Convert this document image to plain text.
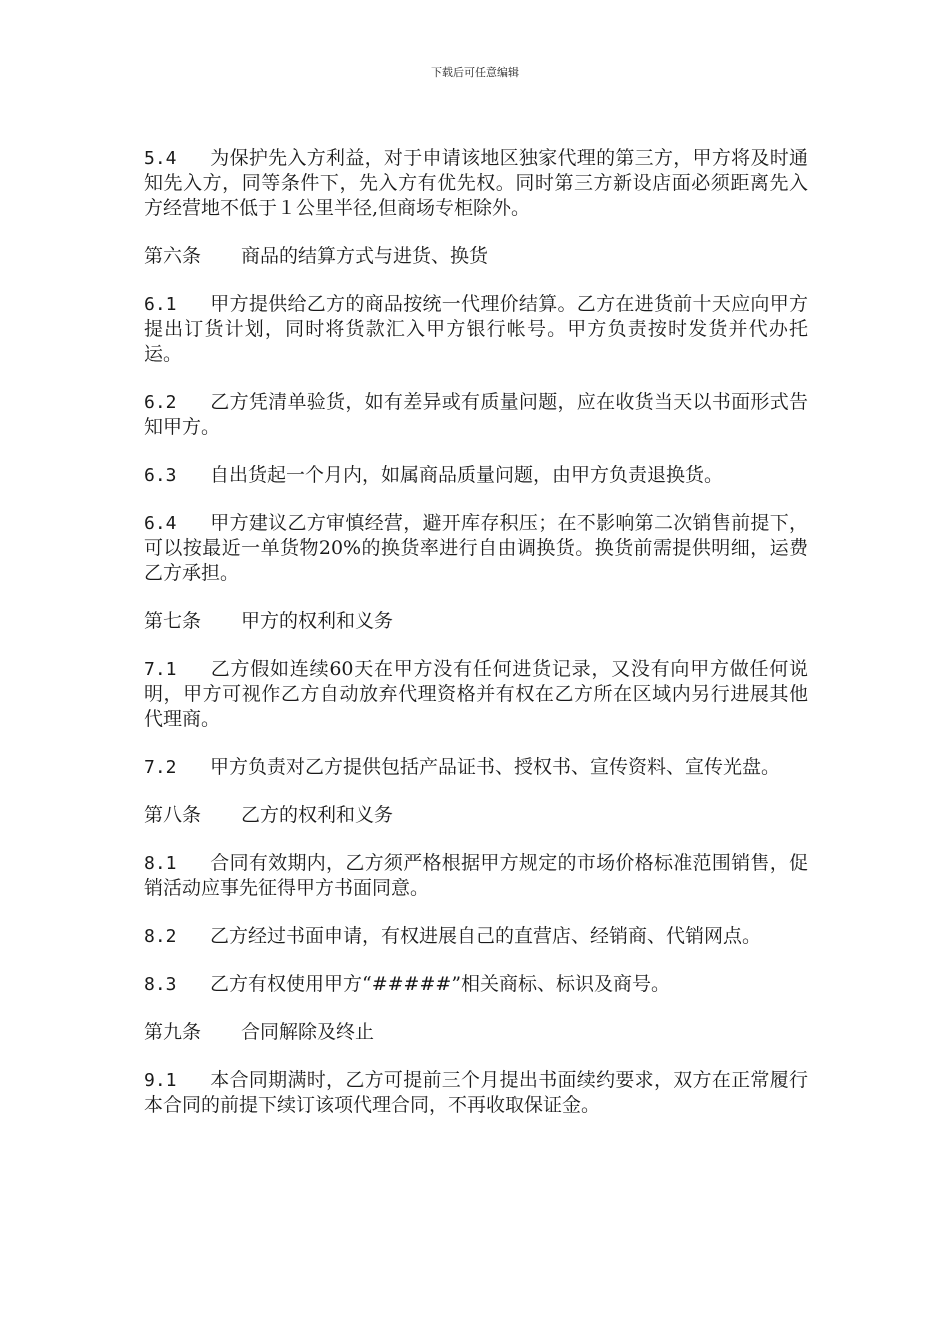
下载后可任意编辑
5.4 为保护先入方利益，对于申请该地区独家代理的第三方，甲方将及时通知先入方，同等条件下，先入方有优先权。同时第三方新设店面必须距离先入方经营地不低于１公里半径,但商场专柜除外。
第六条 商品的结算方式与进货、换货
6.1 甲方提供给乙方的商品按统一代理价结算。乙方在进货前十天应向甲方提出订货计划，同时将货款汇入甲方银行帐号。甲方负责按时发货并代办托运。
6.2 乙方凭清单验货，如有差异或有质量问题，应在收货当天以书面形式告知甲方。
6.3 自出货起一个月内，如属商品质量问题，由甲方负责退换货。
6.4 甲方建议乙方审慎经营，避开库存积压；在不影响第二次销售前提下，可以按最近一单货物20%的换货率进行自由调换货。换货前需提供明细，运费乙方承担。
第七条 甲方的权利和义务
7.1 乙方假如连续60天在甲方没有任何进货记录，又没有向甲方做任何说明，甲方可视作乙方自动放弃代理资格并有权在乙方所在区域内另行进展其他代理商。
7.2 甲方负责对乙方提供包括产品证书、授权书、宣传资料、宣传光盘。
第八条 乙方的权利和义务
8.1 合同有效期内，乙方须严格根据甲方规定的市场价格标准范围销售，促销活动应事先征得甲方书面同意。
8.2 乙方经过书面申请，有权进展自己的直营店、经销商、代销网点。
8.3 乙方有权使用甲方“#####”相关商标、标识及商号。
第九条 合同解除及终止
9.1 本合同期满时，乙方可提前三个月提出书面续约要求，双方在正常履行本合同的前提下续订该项代理合同，不再收取保证金。
